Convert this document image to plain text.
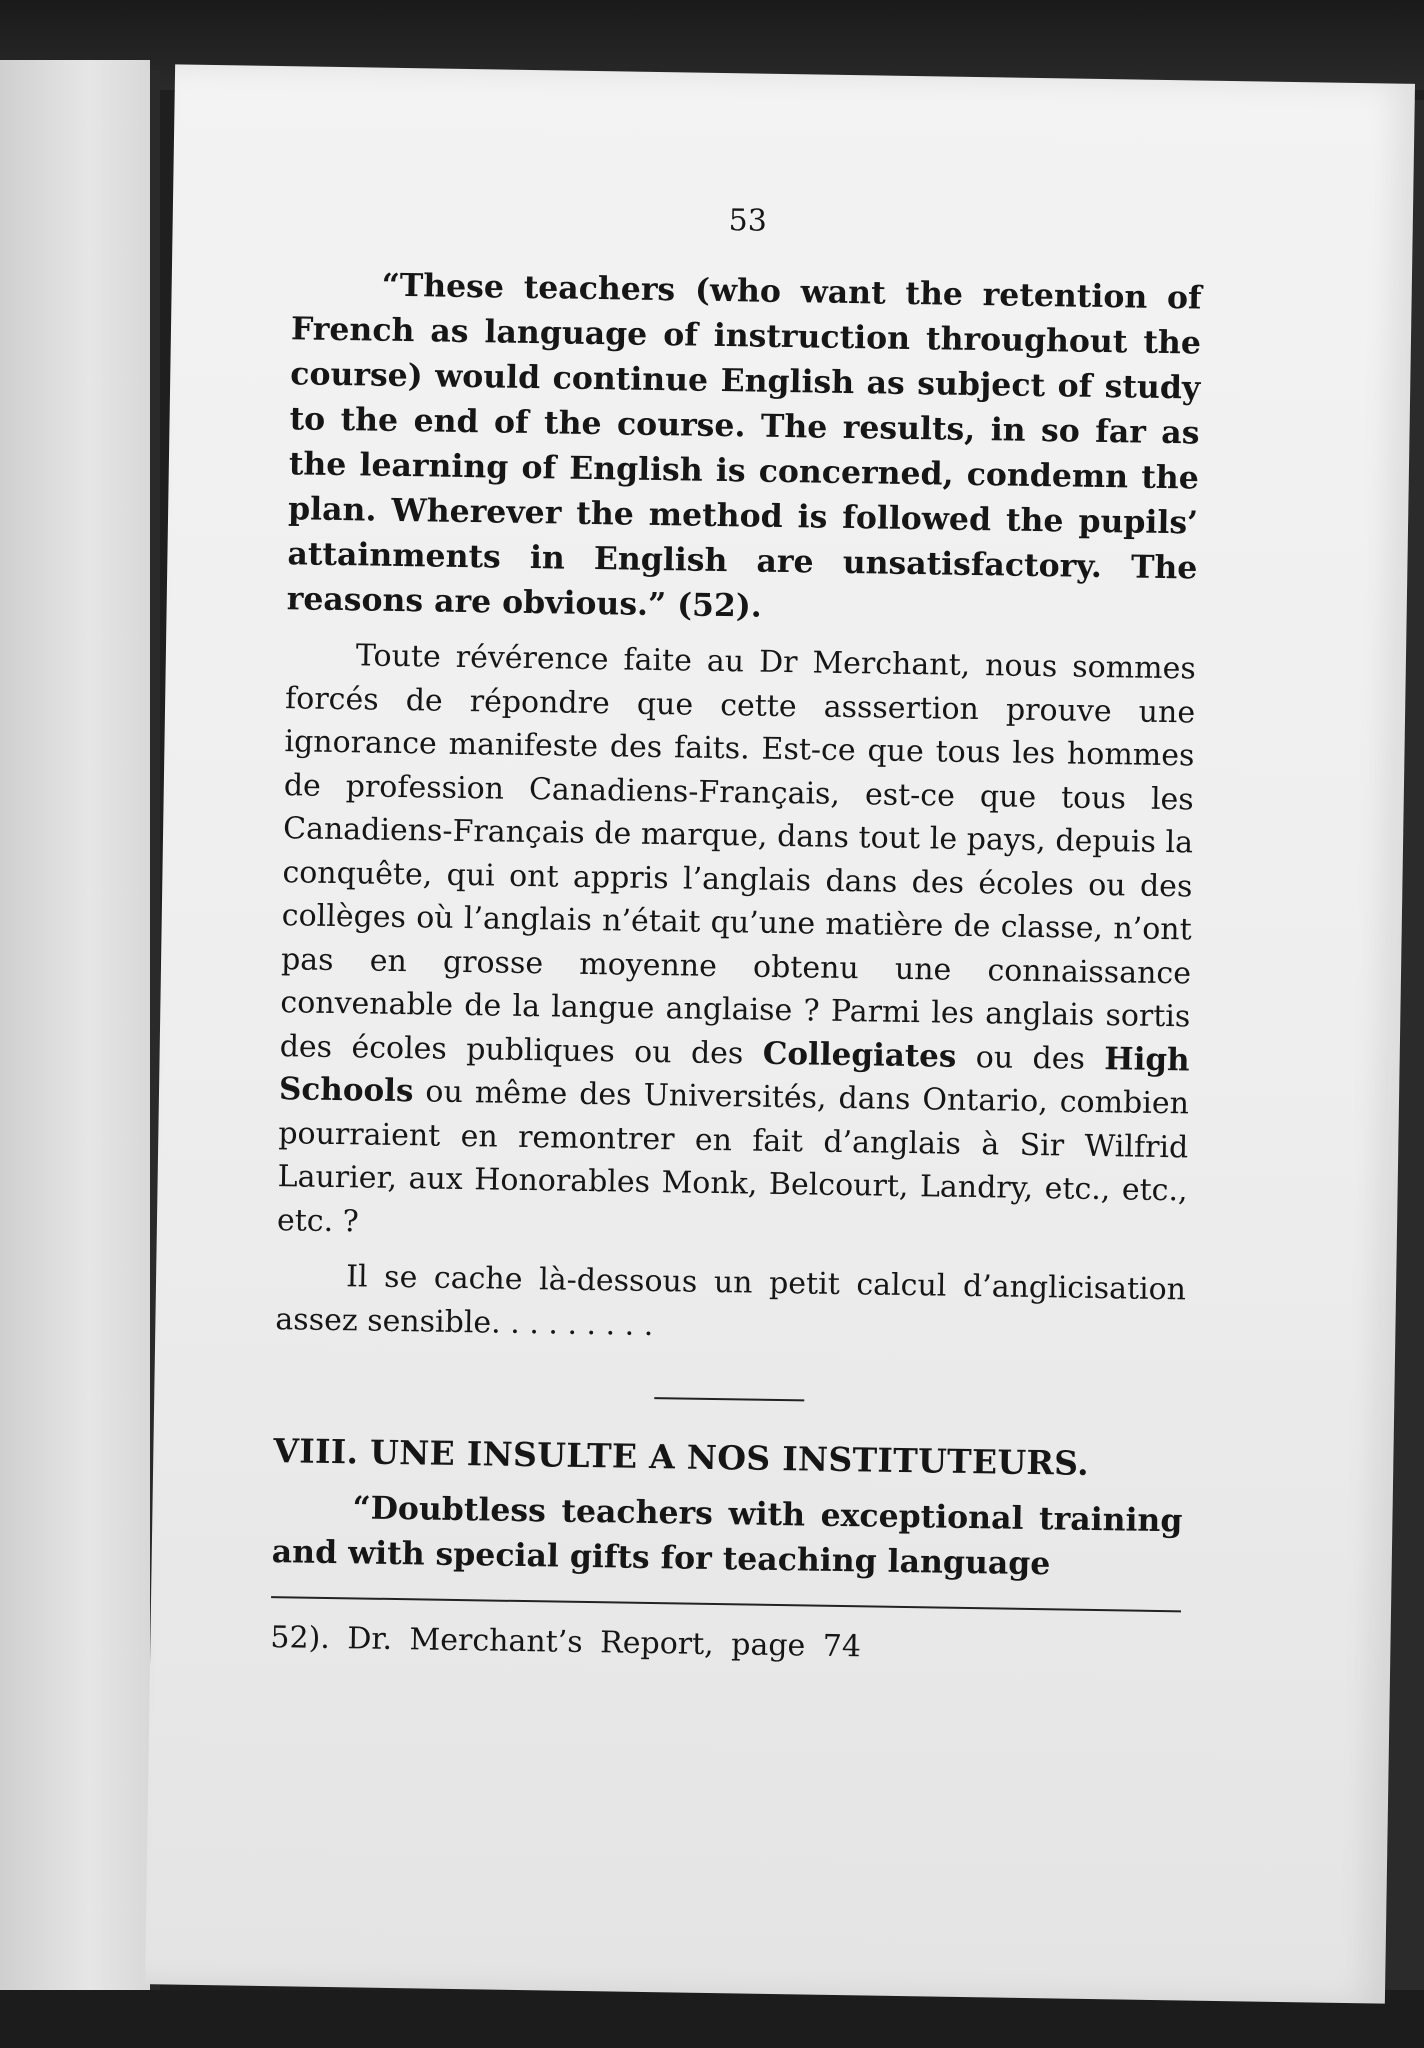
53

“These teachers (who want the retention of French as language of instruction throughout the course) would continue English as subject of study to the end of the course. The results, in so far as the learning of English is concerned, condemn the plan. Wherever the method is followed the pupils’ attainments in English are unsatisfactory. The reasons are obvious.” (52).

Toute révérence faite au Dr Merchant, nous sommes forcés de répondre que cette asssertion prouve une ignorance manifeste des faits. Est-ce que tous les hommes de profession Canadiens-Français, est-ce que tous les Canadiens-Français de marque, dans tout le pays, depuis la conquête, qui ont appris l’anglais dans des écoles ou des collèges où l’anglais n’était qu’une matière de classe, n’ont pas en grosse moyenne obtenu une connaissance convenable de la langue anglaise ? Parmi les anglais sortis des écoles publiques ou des Collegiates ou des High Schools ou même des Universités, dans Ontario, combien pourraient en remontrer en fait d’anglais à Sir Wilfrid Laurier, aux Honorables Monk, Belcourt, Landry, etc., etc., etc. ?

Il se cache là-dessous un petit calcul d’anglicisation assez sensible. . . . . . . . .

VIII. UNE INSULTE A NOS INSTITUTEURS.

“Doubtless teachers with exceptional training and with special gifts for teaching language

52). Dr. Merchant’s Report, page 74
